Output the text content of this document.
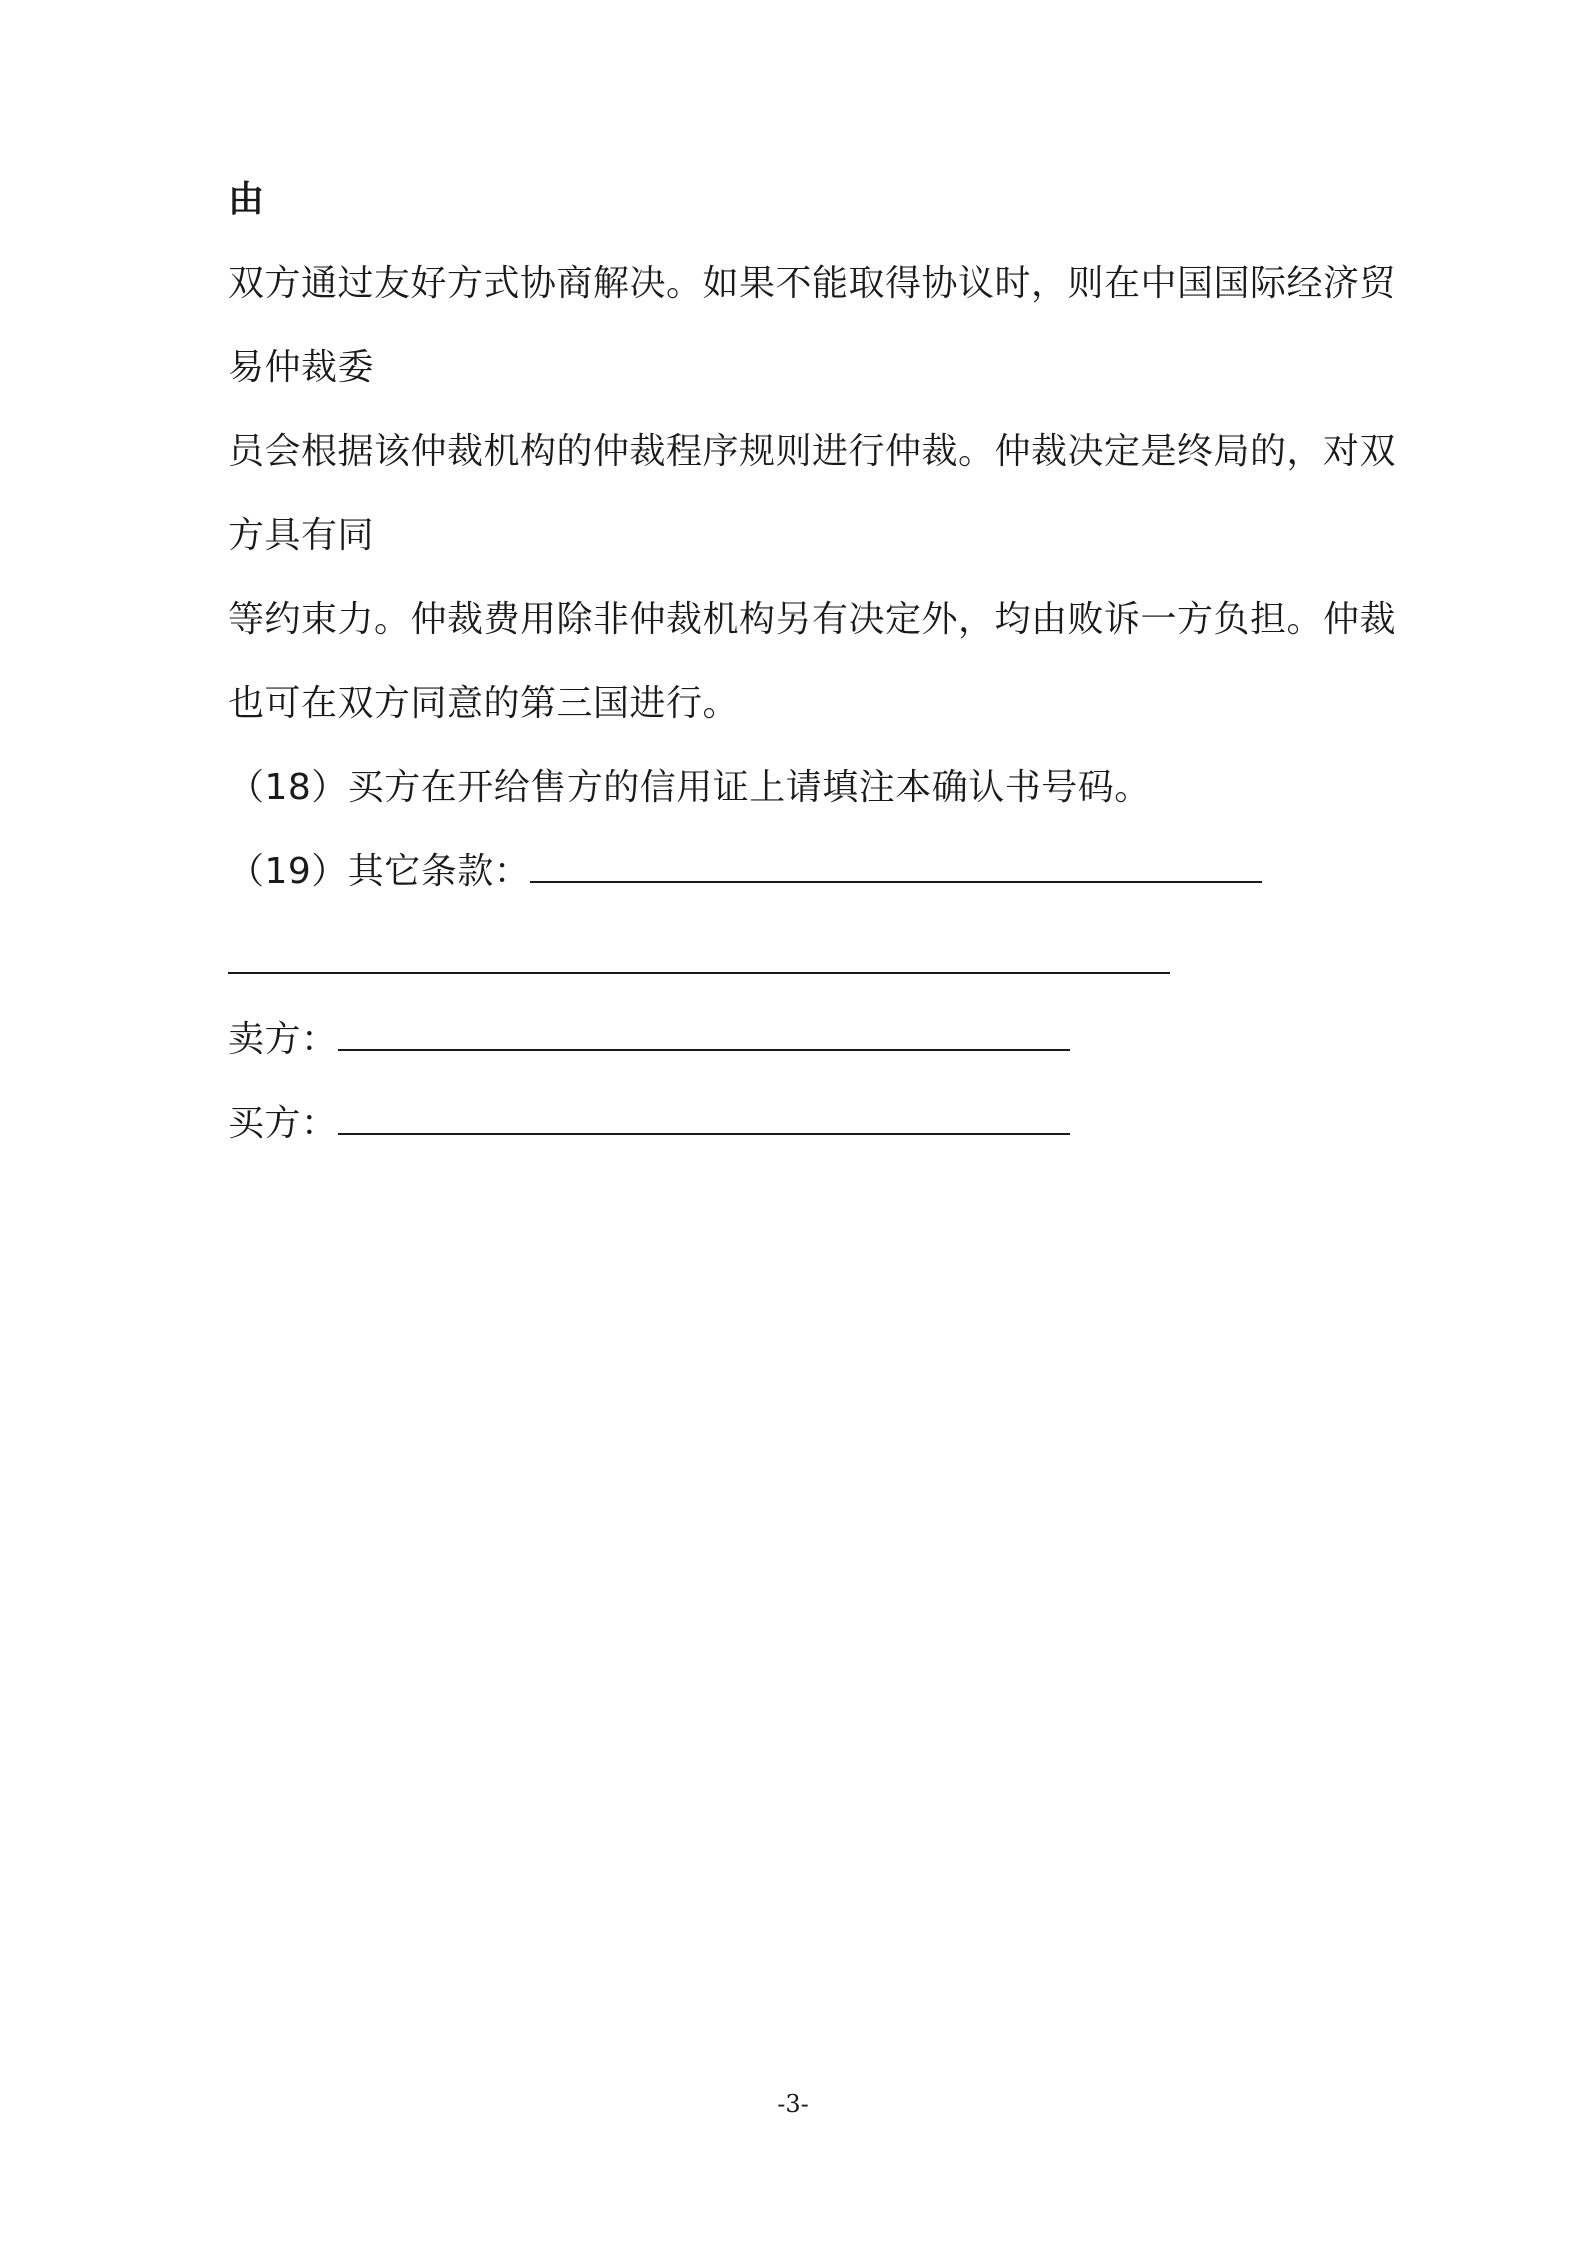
由
双方通过友好方式协商解决。如果不能取得协议时，则在中国国际经济贸
易仲裁委
员会根据该仲裁机构的仲裁程序规则进行仲裁。仲裁决定是终局的，对双
方具有同
等约束力。仲裁费用除非仲裁机构另有决定外，均由败诉一方负担。仲裁
也可在双方同意的第三国进行。
（18）买方在开给售方的信用证上请填注本确认书号码。
（19）其它条款：
卖方：
买方：
-3-
